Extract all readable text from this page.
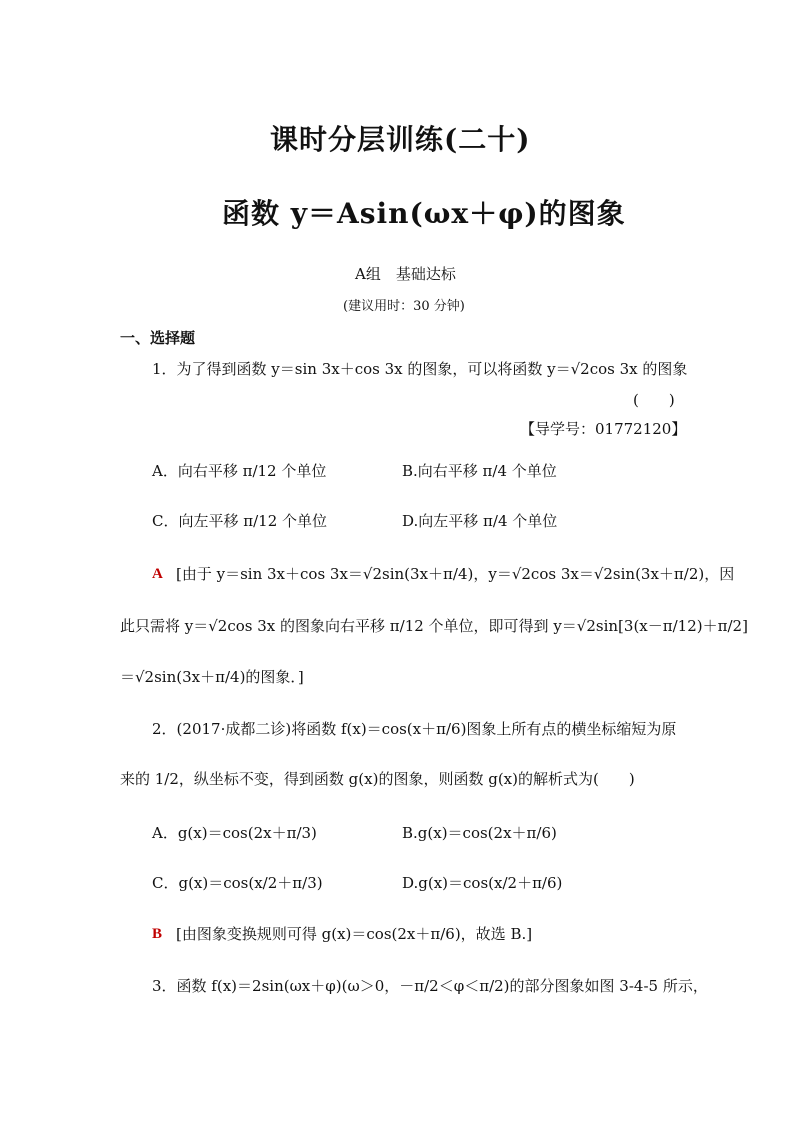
课时分层训练(二十)
函数 y＝Asin(ωx＋φ)的图象
A组　基础达标
(建议用时：30 分钟)
一、选择题
1．为了得到函数 y＝sin 3x＋cos 3x 的图象，可以将函数 y＝√2cos 3x 的图象
(　　)
【导学号：01772120】
A．向右平移 π/12 个单位	B.向右平移 π/4 个单位
C．向左平移 π/12 个单位	D.向左平移 π/4 个单位
A [由于 y＝sin 3x＋cos 3x＝√2sin(3x＋π/4)，y＝√2cos 3x＝√2sin(3x＋π/2)，因
此只需将 y＝√2cos 3x 的图象向右平移 π/12 个单位，即可得到 y＝√2sin[3(x－π/12)＋π/2]
＝√2sin(3x＋π/4)的图象．]
2．(2017·成都二诊)将函数 f(x)＝cos(x＋π/6)图象上所有点的横坐标缩短为原
来的 1/2，纵坐标不变，得到函数 g(x)的图象，则函数 g(x)的解析式为(　　)
A．g(x)＝cos(2x＋π/3)	B.g(x)＝cos(2x＋π/6)
C．g(x)＝cos(x/2＋π/3)	D.g(x)＝cos(x/2＋π/6)
B [由图象变换规则可得 g(x)＝cos(2x＋π/6)，故选 B.]
3．函数 f(x)＝2sin(ωx＋φ)(ω＞0，－π/2＜φ＜π/2)的部分图象如图 3-4-5 所示，
